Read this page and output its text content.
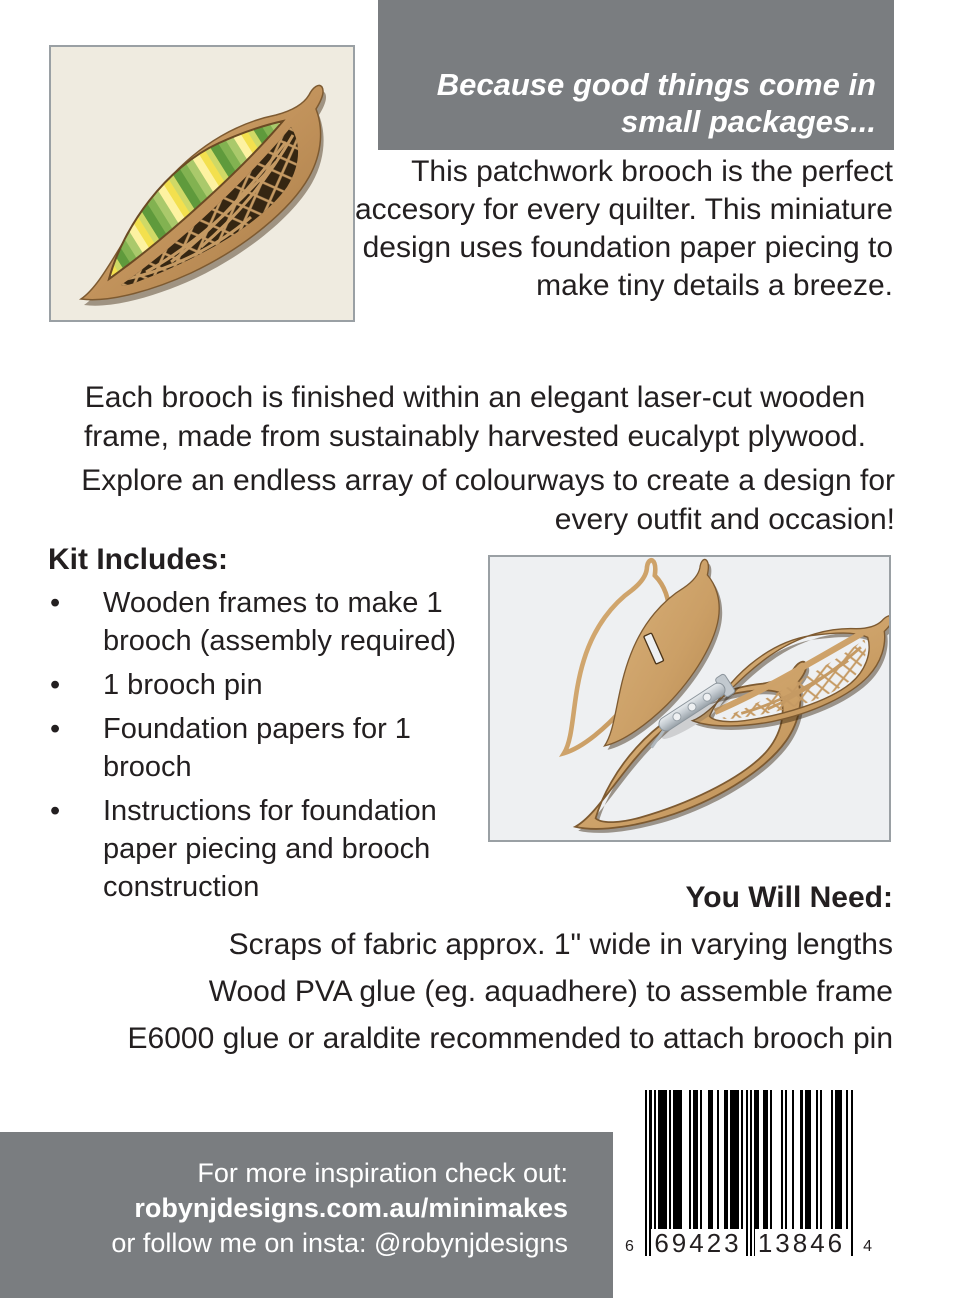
Because good things come in
small packages...
This patchwork brooch is the perfect accesory for every quilter. This miniature design uses foundation paper piecing to make tiny details a breeze.
Each brooch is finished within an elegant laser-cut wooden frame, made from sustainably harvested eucalypt plywood.
Explore an endless array of colourways to create a design for every outfit and occasion!
Kit Includes:
• Wooden frames to make 1 brooch (assembly required)
• 1 brooch pin
• Foundation papers for 1 brooch
• Instructions for foundation paper piecing and brooch construction	You Will Need:
Scraps of fabric approx. 1" wide in varying lengths
Wood PVA glue (eg. aquadhere) to assemble frame
E6000 glue or araldite recommended to attach brooch pin
For more inspiration check out:
robynjdesigns.com.au/minimakes
or follow me on insta: @robynjdesigns	69423 13846
6	4
